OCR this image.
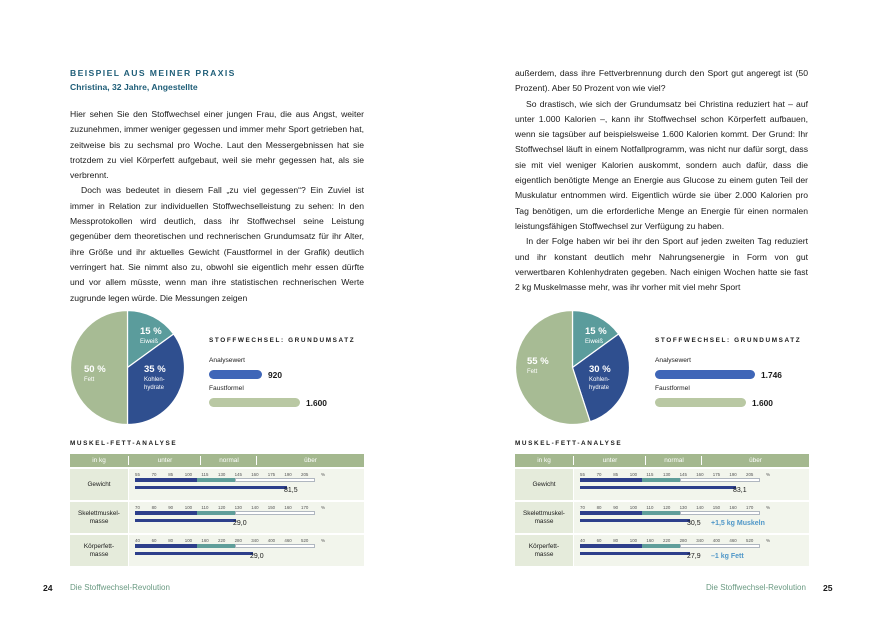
BEISPIEL AUS MEINER PRAXIS
Christina, 32 Jahre, Angestellte

Hier sehen Sie den Stoffwechsel einer jungen Frau, die aus Angst, weiter zuzunehmen, immer weniger gegessen und immer mehr Sport getrieben hat, zeitweise bis zu sechsmal pro Woche. Laut den Messergebnissen hat sie trotzdem zu viel Körperfett aufgebaut, weil sie mehr gegessen hat, als sie verbrennt.

Doch was bedeutet in diesem Fall „zu viel gegessen“? Ein Zuviel ist immer in Relation zur individuellen Stoffwechselleistung zu sehen: In den Messprotokollen wird deutlich, dass ihr Stoffwechsel seine Leistung gegenüber dem theoretischen und rechnerischen Grundumsatz für ihr Alter, ihre Größe und ihr aktuelles Gewicht (Faustformel in der Grafik) deutlich verringert hat. Sie nimmt also zu, obwohl sie eigentlich mehr essen dürfte und vor allem müsste, wenn man ihre statistischen rechnerischen Werte zugrunde legen würde. Die Messungen zeigen

15 %
Eiweiß
35 %
Kohlen-
hydrate
50 %
Fett
STOFFWECHSEL: GRUNDUMSATZ
Analysewert
920
Faustformel
1.600
MUSKEL-FETT-ANALYSE
in kg	unter	normal	über
Gewicht
55	70	85	100 115 130 145 160 175 190 205	%
81,5
Skelettmuskel-
masse
70	80	90	100 110 120 130 140 150 160 170	%
29,0
Körperfett-
masse
40	60	80	100 160 220 280 340 400 460 520	%
29,0
24 Die Stoffwechsel-Revolution

außerdem, dass ihre Fettverbrennung durch den Sport gut angeregt ist (50 Prozent). Aber 50 Prozent von wie viel?

So drastisch, wie sich der Grundumsatz bei Christina reduziert hat – auf unter 1.000 Kalorien –, kann ihr Stoffwechsel schon Körperfett aufbauen, wenn sie tagsüber auf beispielsweise 1.600 Kalorien kommt. Der Grund: Ihr Stoffwechsel läuft in einem Notfallprogramm, was nicht nur dafür sorgt, dass sie mit viel weniger Kalorien auskommt, sondern auch dafür, dass die eigentlich benötigte Menge an Energie aus Glucose zu einem guten Teil der Muskulatur entnommen wird. Eigentlich würde sie über 2.000 Kalorien pro Tag benötigen, um die erforderliche Menge an Energie für einen normalen leistungsfähigen Stoffwechsel zur Verfügung zu haben.

In der Folge haben wir bei ihr den Sport auf jeden zweiten Tag reduziert und ihr konstant deutlich mehr Nahrungsenergie in Form von gut verwertbaren Kohlenhydraten gegeben. Nach einigen Wochen hatte sie fast 2 kg Muskelmasse mehr, was ihr vorher mit viel mehr Sport

15 %
Eiweiß
30 %
Kohlen-
hydrate
55 %
Fett
STOFFWECHSEL: GRUNDUMSATZ
Analysewert
1.746
Faustformel
1.600
MUSKEL-FETT-ANALYSE
in kg	unter	normal	über
Gewicht
55	70	85	100 115 130 145 160 175 190 205	%
83,1
Skelettmuskel-
masse
70	80	90	100 110 120 130 140 150 160 170	%
30,5 +1,5 kg Muskeln
Körperfett-
masse
40	60	80	100 160 220 280 340 400 460 520	%
27,9 –1 kg Fett
Die Stoffwechsel-Revolution 25
